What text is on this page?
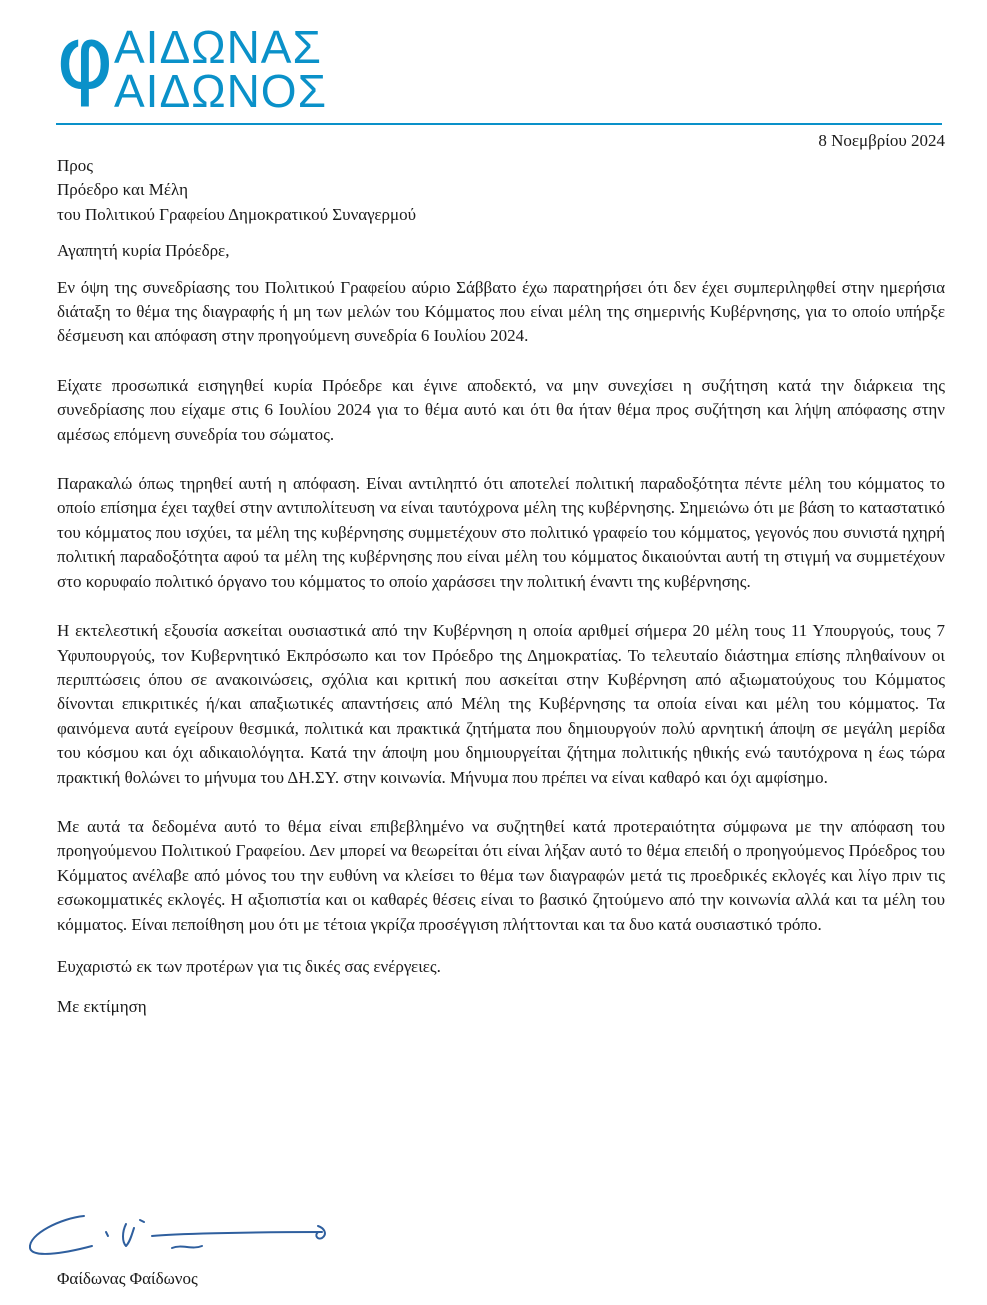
φ ΑΙΔΩΝΑΣ
ΑΙΔΩΝΟΣ
8 Νοεμβρίου 2024
Προς
Πρόεδρο και Μέλη
του Πολιτικού Γραφείου Δημοκρατικού Συναγερμού
Αγαπητή κυρία Πρόεδρε,

Εν όψη της συνεδρίασης του Πολιτικού Γραφείου αύριο Σάββατο έχω παρατηρήσει ότι δεν έχει συμπεριληφθεί στην ημερήσια διάταξη το θέμα της διαγραφής ή μη των μελών του Κόμματος που είναι μέλη της σημερινής Κυβέρνησης, για το οποίο υπήρξε δέσμευση και απόφαση στην προηγούμενη συνεδρία 6 Ιουλίου 2024.

Είχατε προσωπικά εισηγηθεί κυρία Πρόεδρε και έγινε αποδεκτό, να μην συνεχίσει η συζήτηση κατά την διάρκεια της συνεδρίασης που είχαμε στις 6 Ιουλίου 2024 για το θέμα αυτό και ότι θα ήταν θέμα προς συζήτηση και λήψη απόφασης στην αμέσως επόμενη συνεδρία του σώματος.

Παρακαλώ όπως τηρηθεί αυτή η απόφαση. Είναι αντιληπτό ότι αποτελεί πολιτική παραδοξότητα πέντε μέλη του κόμματος το οποίο επίσημα έχει ταχθεί στην αντιπολίτευση να είναι ταυτόχρονα μέλη της κυβέρνησης. Σημειώνω ότι με βάση το καταστατικό του κόμματος που ισχύει, τα μέλη της κυβέρνησης συμμετέχουν στο πολιτικό γραφείο του κόμματος, γεγονός που συνιστά ηχηρή πολιτική παραδοξότητα αφού τα μέλη της κυβέρνησης που είναι μέλη του κόμματος δικαιούνται αυτή τη στιγμή να συμμετέχουν στο κορυφαίο πολιτικό όργανο του κόμματος το οποίο χαράσσει την πολιτική έναντι της κυβέρνησης.

Η εκτελεστική εξουσία ασκείται ουσιαστικά από την Κυβέρνηση η οποία αριθμεί σήμερα 20 μέλη τους 11 Υπουργούς, τους 7 Υφυπουργούς, τον Κυβερνητικό Εκπρόσωπο και τον Πρόεδρο της Δημοκρατίας. Το τελευταίο διάστημα επίσης πληθαίνουν οι περιπτώσεις όπου σε ανακοινώσεις, σχόλια και κριτική που ασκείται στην Κυβέρνηση από αξιωματούχους του Κόμματος δίνονται επικριτικές ή/και απαξιωτικές απαντήσεις από Μέλη της Κυβέρνησης τα οποία είναι και μέλη του κόμματος. Τα φαινόμενα αυτά εγείρουν θεσμικά, πολιτικά και πρακτικά ζητήματα που δημιουργούν πολύ αρνητική άποψη σε μεγάλη μερίδα του κόσμου και όχι αδικαιολόγητα. Κατά την άποψη μου δημιουργείται ζήτημα πολιτικής ηθικής ενώ ταυτόχρονα η έως τώρα πρακτική θολώνει το μήνυμα του ΔΗ.ΣΥ. στην κοινωνία. Μήνυμα που πρέπει να είναι καθαρό και όχι αμφίσημο.

Με αυτά τα δεδομένα αυτό το θέμα είναι επιβεβλημένο να συζητηθεί κατά προτεραιότητα σύμφωνα με την απόφαση του προηγούμενου Πολιτικού Γραφείου. Δεν μπορεί να θεωρείται ότι είναι λήξαν αυτό το θέμα επειδή ο προηγούμενος Πρόεδρος του Κόμματος ανέλαβε από μόνος του την ευθύνη να κλείσει το θέμα των διαγραφών μετά τις προεδρικές εκλογές και λίγο πριν τις εσωκομματικές εκλογές. Η αξιοπιστία και οι καθαρές θέσεις είναι το βασικό ζητούμενο από την κοινωνία αλλά και τα μέλη του κόμματος. Είναι πεποίθηση μου ότι με τέτοια γκρίζα προσέγγιση πλήττονται και τα δυο κατά ουσιαστικό τρόπο.

Ευχαριστώ εκ των προτέρων για τις δικές σας ενέργειες.
Με εκτίμηση
Φαίδωνας Φαίδωνος
